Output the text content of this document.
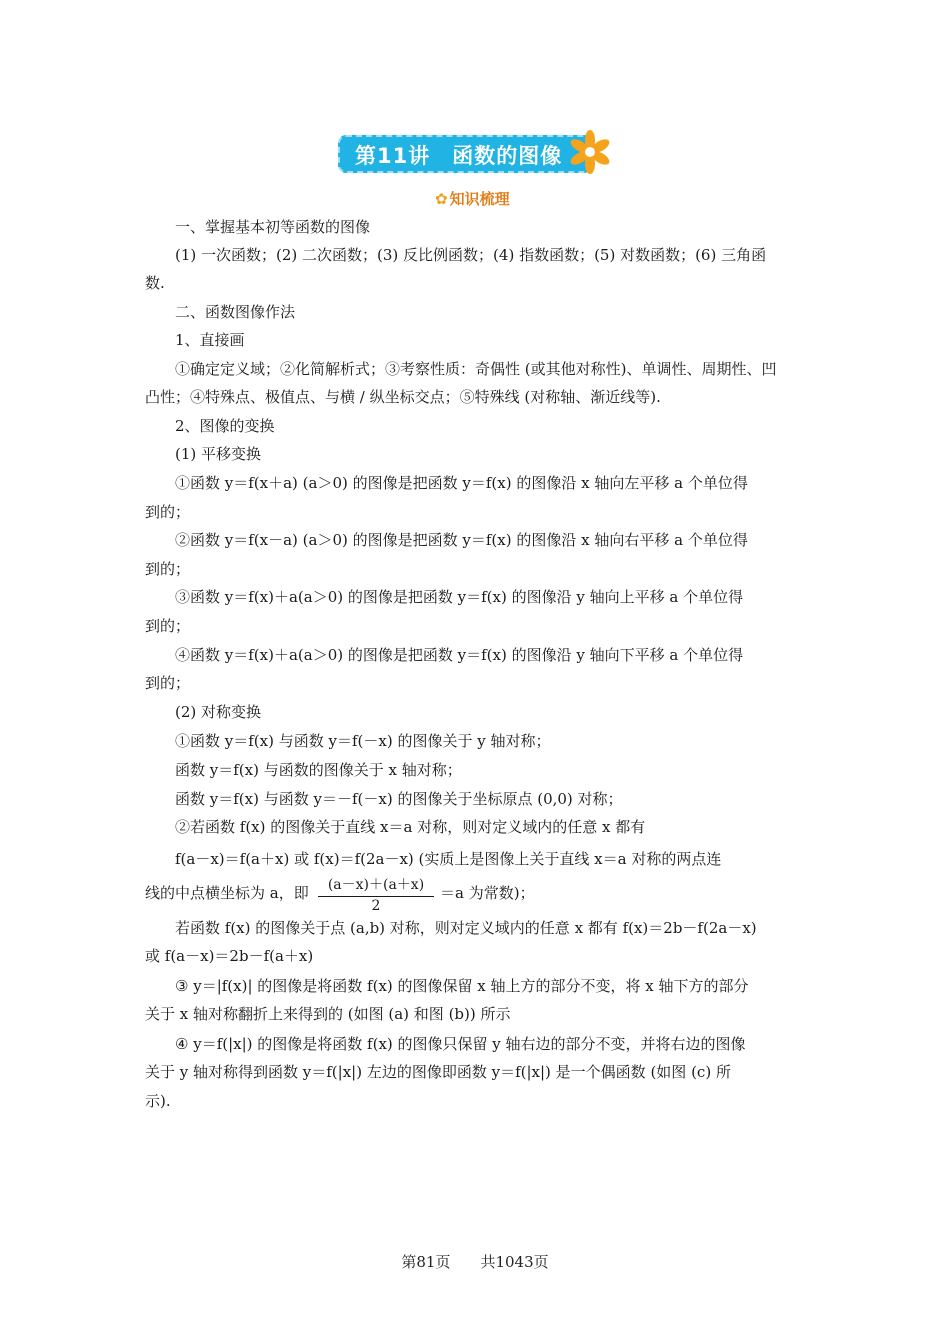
第11讲　函数的图像
✿ 知识梳理
一、掌握基本初等函数的图像
(1) 一次函数；(2) 二次函数；(3) 反比例函数；(4) 指数函数；(5) 对数函数；(6) 三角函
数.
二、函数图像作法
1、直接画
①确定定义域；②化简解析式；③考察性质：奇偶性 (或其他对称性)、单调性、周期性、凹
凸性；④特殊点、极值点、与横 / 纵坐标交点；⑤特殊线 (对称轴、渐近线等).
2、图像的变换
(1) 平移变换
①函数 y＝f(x＋a) (a＞0) 的图像是把函数 y＝f(x) 的图像沿 x 轴向左平移 a 个单位得
到的；
②函数 y＝f(x－a) (a＞0) 的图像是把函数 y＝f(x) 的图像沿 x 轴向右平移 a 个单位得
到的；
③函数 y＝f(x)＋a(a＞0) 的图像是把函数 y＝f(x) 的图像沿 y 轴向上平移 a 个单位得
到的；
④函数 y＝f(x)＋a(a＞0) 的图像是把函数 y＝f(x) 的图像沿 y 轴向下平移 a 个单位得
到的；
(2) 对称变换
①函数 y＝f(x) 与函数 y＝f(－x) 的图像关于 y 轴对称；
函数 y＝f(x) 与函数的图像关于 x 轴对称；
函数 y＝f(x) 与函数 y＝－f(－x) 的图像关于坐标原点 (0,0) 对称；
②若函数 f(x) 的图像关于直线 x＝a 对称，则对定义域内的任意 x 都有
f(a－x)＝f(a＋x) 或 f(x)＝f(2a－x) (实质上是图像上关于直线 x＝a 对称的两点连
线的中点横坐标为 a，即 $\frac{(a-x)+(a+x)}{2} =a$ 为常数)；
若函数 f(x) 的图像关于点 (a,b) 对称，则对定义域内的任意 x 都有 f(x)＝2b－f(2a－x)
或 f(a－x)＝2b－f(a＋x)
③ y＝|f(x)| 的图像是将函数 f(x) 的图像保留 x 轴上方的部分不变，将 x 轴下方的部分
关于 x 轴对称翻折上来得到的 (如图 (a) 和图 (b)) 所示
④ y＝f(|x|) 的图像是将函数 f(x) 的图像只保留 y 轴右边的部分不变，并将右边的图像
关于 y 轴对称得到函数 y＝f(|x|) 左边的图像即函数 y＝f(|x|) 是一个偶函数 (如图 (c) 所
示).
第81页　　共1043页
